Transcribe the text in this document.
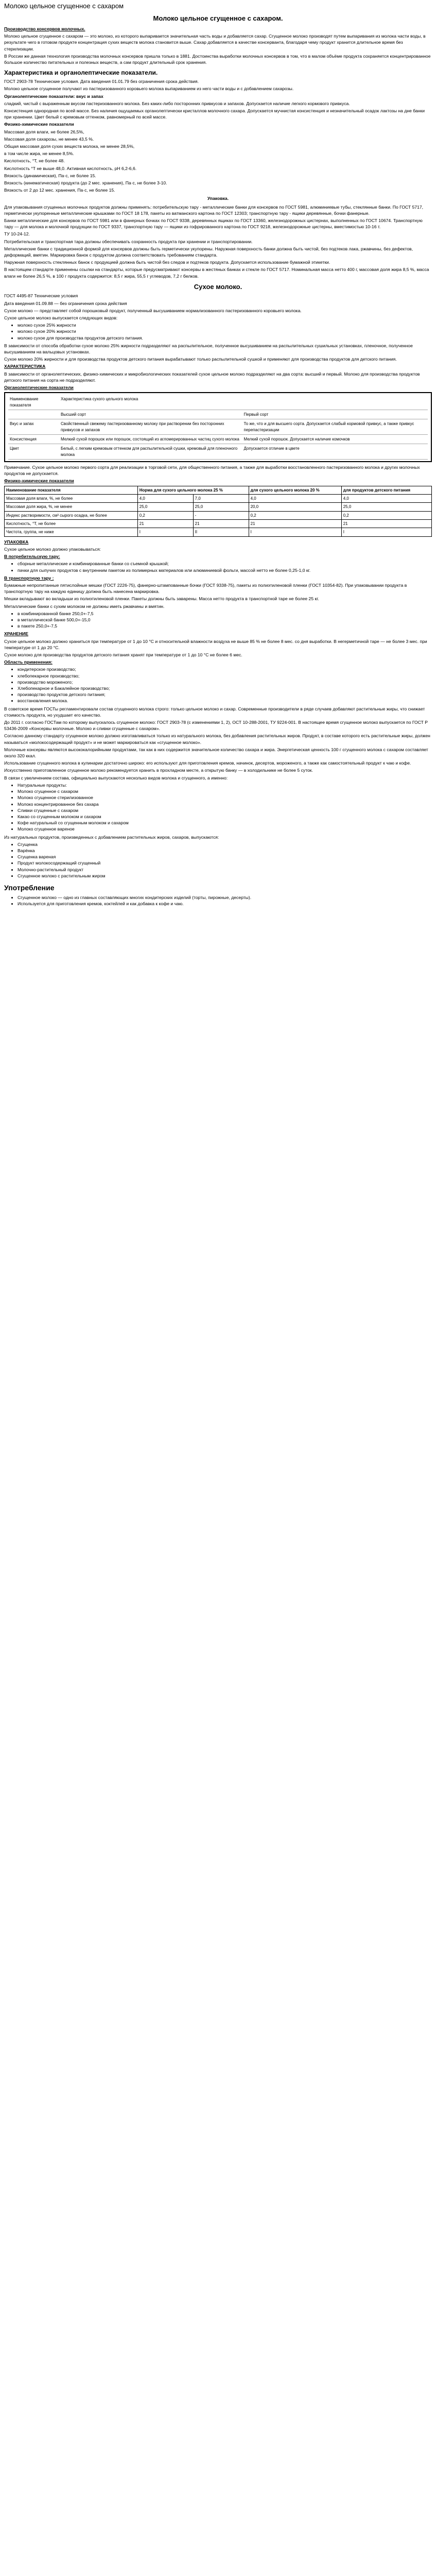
Молоко цельное сгущенное с сахаром
Молоко цельное сгущенное с сахаром.

Производство консервов молочных.

Молоко цельное сгущенное с сахаром — это молоко, из которого выпаривается значительная часть воды и добавляется сахар. Сгущенное молоко производят путем выпаривания из молока части воды, в результате чего в готовом продукте концентрация сухих веществ молока становится выше. Сахар добавляется в качестве консерванта, благодаря чему продукт хранится длительное время без стерилизации.

В России же данная технология производства молочных консервов пришла только в 1881. Достоинства выработки молочных консервов в том, что в малом объёме продукта сохраняется концентрированное большое количество питательных и полезных веществ, а сам продукт длительный срок хранения.

Характеристика и органолептические показатели.

ГОСТ 2903-78 Технические условия. Дата введения 01.01.79 без ограничения срока действия.

Молоко цельное сгущенное получают из пастеризованного коровьего молока выпариванием из него части воды и с добавлением сахарозы.

Органолептические показатели: вкус и запах

сладкий, чистый с выраженным вкусом пастеризованного молока. Без каких-либо посторонних привкусов и запахов. Допускается наличие легкого кормового привкуса.

Консистенция однородная по всей массе. Без наличия ощущаемых органолептически кристаллов молочного сахара. Допускается мучнистая консистенция и незначительный осадок лактозы на дне банки при хранении. Цвет белый с кремовым оттенком, равномерный по всей массе.

Физико-химические показатели

Массовая доля влаги, не более 26,5%,

Массовая доля сахарозы, не менее 43,5 %.

Общая массовая доля сухих веществ молока, не менее 28,5%,

в том числе жира, не менее 8,5%.

Кислотность, °Т, не более 48.

Кислотность °Т не выше 48,0. Активная кислотность, pH 6,2-6,6.

Вязкость (динамическая), Па·с, не более 15.

Вязкость (кинематическая) продукта (до 2 мес. хранения), Па·с, не более 3-10.

Вязкость от 2 до 12 мес. хранения, Па·с, не более 15.

Упаковка.

Для упаковывания сгущенных молочных продуктов должны применять: потребительскую тару - металлические банки для консервов по ГОСТ 5981, алюминиевые тубы, стеклянные банки. По ГОСТ 5717, герметически укупоренные металлические крышками по ГОСТ 18 178, пакеты из ватманского картона по ГОСТ 12303; транспортную тару - ящики деревянные, бочки фанерные.

Банки металлические для консервов по ГОСТ 5981 или в фанерных бочках по ГОСТ 9338, деревянных ящиках по ГОСТ 13360, железнодорожных цистернах, выполненных по ГОСТ 10674. Транспортную тару — для молока и молочной продукции по ГОСТ 9337, транспортную тару — ящики из гофрированного картона по ГОСТ 9218, железнодорожные цистерны, вместимостью 10-16 т.

ТУ 10-24-12.

Потребительская и транспортная тара должны обеспечивать сохранность продукта при хранении и транспортировании.

Металлические банки с традиционной формой для консервов должны быть герметически укупорены. Наружная поверхность банки должна быть чистой, без подтеков лака, ржавчины, без дефектов, деформаций, вмятин. Маркировка банок с продуктом должна соответствовать требованиям стандарта.

Наружная поверхность стеклянных банок с продукцией должна быть чистой без следов и подтеков продукта. Допускается использование бумажной этикетки.

В настоящем стандарте применены ссылки на стандарты, которые предусматривают консервы в жестяных банках и стекле по ГОСТ 5717. Номинальная масса нетто 400 г, массовая доля жира 8,5 %, масса влаги не более 26,5 %, в 100 г продукта содержится: 8,5 г жира, 55,5 г углеводов, 7,2 г белков.

Сухое молоко.

ГОСТ 4495-87 Технические условия

Дата введения 01.09.88 — без ограничения срока действия

Сухое молоко — представляет собой порошковый продукт, полученный высушиванием нормализованного пастеризованного коровьего молока.

Сухое цельное молоко выпускается следующих видов:

• молоко сухое 25% жирности
• молоко сухое 20% жирности
• молоко сухое для производства продуктов детского питания.

В зависимости от способа обработки сухое молоко 25% жирности подразделяют на распылительное, полученное высушиванием на распылительных сушильных установках, пленочное, полученное высушиванием на вальцовых установках.

Сухое молоко 20% жирности и для производства продуктов детского питания вырабатывают только распылительной сушкой и применяют для производства продуктов для детского питания.

ХАРАКТЕРИСТИКА

В зависимости от органолептических, физико-химических и микробиологических показателей сухое цельное молоко подразделяют на два сорта: высший и первый. Молоко для производства продуктов детского питания на сорта не подразделяют.

Органолептические показатели

Наименование показателя	Характеристика сухого цельного молока	
	Высший сорт	Первый сорт
Вкус и запах	Свойственный свежему пастеризованному молоку при растворении без посторонних привкусов и запахов	То же, что и для высшего сорта. Допускается слабый кормовой привкус, а также привкус перепастеризации
Консистенция	Мелкий сухой порошок или порошок, состоящий из агломерированных частиц сухого молока	Мелкий сухой порошок. Допускается наличие комочков
Цвет	Белый, с легким кремовым оттенком для распылительной сушки, кремовый для пленочного молока	Допускается отличие в цвете

Примечание. Сухое цельное молоко первого сорта для реализации в торговой сети, для общественного питания, а также для выработки восстановленного пастеризованного молока и других молочных продуктов не допускается.

Физико-химические показатели

Наименование показателя	Норма для сухого цельного молока 25 %		для сухого цельного молока 20 %	для продуктов детского питания
Массовая доля влаги, %, не более	4,0	7,0	4,0	4,0
Массовая доля жира, %, не менее	25,0	25,0	20,0	25,0
Индекс растворимости, см³ сырого осадка, не более	0,2	-	0,2	0,2
Кислотность, °Т, не более	21	21	21	21
Чистота, группа, не ниже	I	II	I	I

УПАКОВКА

Сухое цельное молоко должно упаковываться:

В потребительскую тару:

• сборные металлические и комбинированные банки со съемной крышкой;
• пачки для сыпучих продуктов с внутренним пакетом из полимерных материалов или алюминиевой фольги, массой нетто не более 0,25-1,0 кг.

В транспортную тару :

Бумажные непропитанные пятислойные мешки (ГОСТ 2226-75), фанерно-штампованные бочки (ГОСТ 9338-75), пакеты из полиэтиленовой пленки (ГОСТ 10354-82). При упаковывании продукта в транспортную тару на каждую единицу должна быть нанесена маркировка.

Мешки вкладывают во вкладыши из полиэтиленовой пленки. Пакеты должны быть заварены. Масса нетто продукта в транспортной таре не более 25 кг.

Металлические банки с сухим молоком не должны иметь ржавчины и вмятин.

• в комбинированной банке 250,0+-7,5
• в металлической банке 500,0+-15,0
• в пакете 250,0+-7,5

ХРАНЕНИЕ

Сухое цельное молоко должно храниться при температуре от 1 до 10 °С и относительной влажности воздуха не выше 85 % не более 8 мес. со дня выработки. В негерметичной таре — не более 3 мес. при температуре от 1 до 20 °С.

Сухое молоко для производства продуктов детского питания хранят при температуре от 1 до 10 °С не более 6 мес.

Область применения:

• кондитерское производство;
• хлебопекарное производство;
• производство мороженого;
• Хлебопекарное и Бакалейное производство;
• производство продуктов детского питания;
• восстановления молока.

В советское время ГОСТы регламентировали состав сгущенного молока строго: только цельное молоко и сахар. Современные производители в ряде случаев добавляют растительные жиры, что снижает стоимость продукта, но ухудшает его качество.

До 2011 г. согласно ГОСТам по которому выпускалось сгущенное молоко: ГОСТ 2903-78 (с изменениями 1, 2), ОСТ 10-288-2001, ТУ 9224-001. В настоящее время сгущенное молоко выпускается по ГОСТ Р 53436-2009 «Консервы молочные. Молоко и сливки сгущенные с сахаром».

Согласно данному стандарту сгущенное молоко должно изготавливаться только из натурального молока, без добавления растительных жиров. Продукт, в составе которого есть растительные жиры, должен называться «молокосодержащий продукт» и не может маркироваться как «сгущенное молоко».

Молочные консервы являются высококалорийными продуктами, так как в них содержится значительное количество сахара и жира. Энергетическая ценность 100 г сгущенного молока с сахаром составляет около 320 ккал.

Использование сгущенного молока в кулинарии достаточно широко: его используют для приготовления кремов, начинок, десертов, мороженого, а также как самостоятельный продукт к чаю и кофе.

Искусственно приготовленное сгущенное молоко рекомендуется хранить в прохладном месте, а открытую банку — в холодильнике не более 5 суток.

В связи с увеличением состава, официально выпускаются несколько видов молока и сгущенного, а именно:

• Натуральные продукты:
• Молоко сгущенное с сахаром
• Молоко сгущенное стерилизованное
• Молоко концентрированное без сахара
• Сливки сгущенные с сахаром
• Какао со сгущенным молоком и сахаром
• Кофе натуральный со сгущенным молоком и сахаром
• Молоко сгущенное вареное

Из натуральных продуктов, произведенных с добавлением растительных жиров, сахаров, выпускаются:

• Сгущенка
• Варёнка
• Сгущенка вареная
• Продукт молокосодержащий сгущенный
• Молочно-растительный продукт
• Сгущенное молоко с растительным жиром
Употребление
• Сгущенное молоко — одно из главных составляющих многих кондитерских изделий (торты, пирожные, десерты).
• Используется для приготовления кремов, коктейлей и как добавка к кофе и чаю.
